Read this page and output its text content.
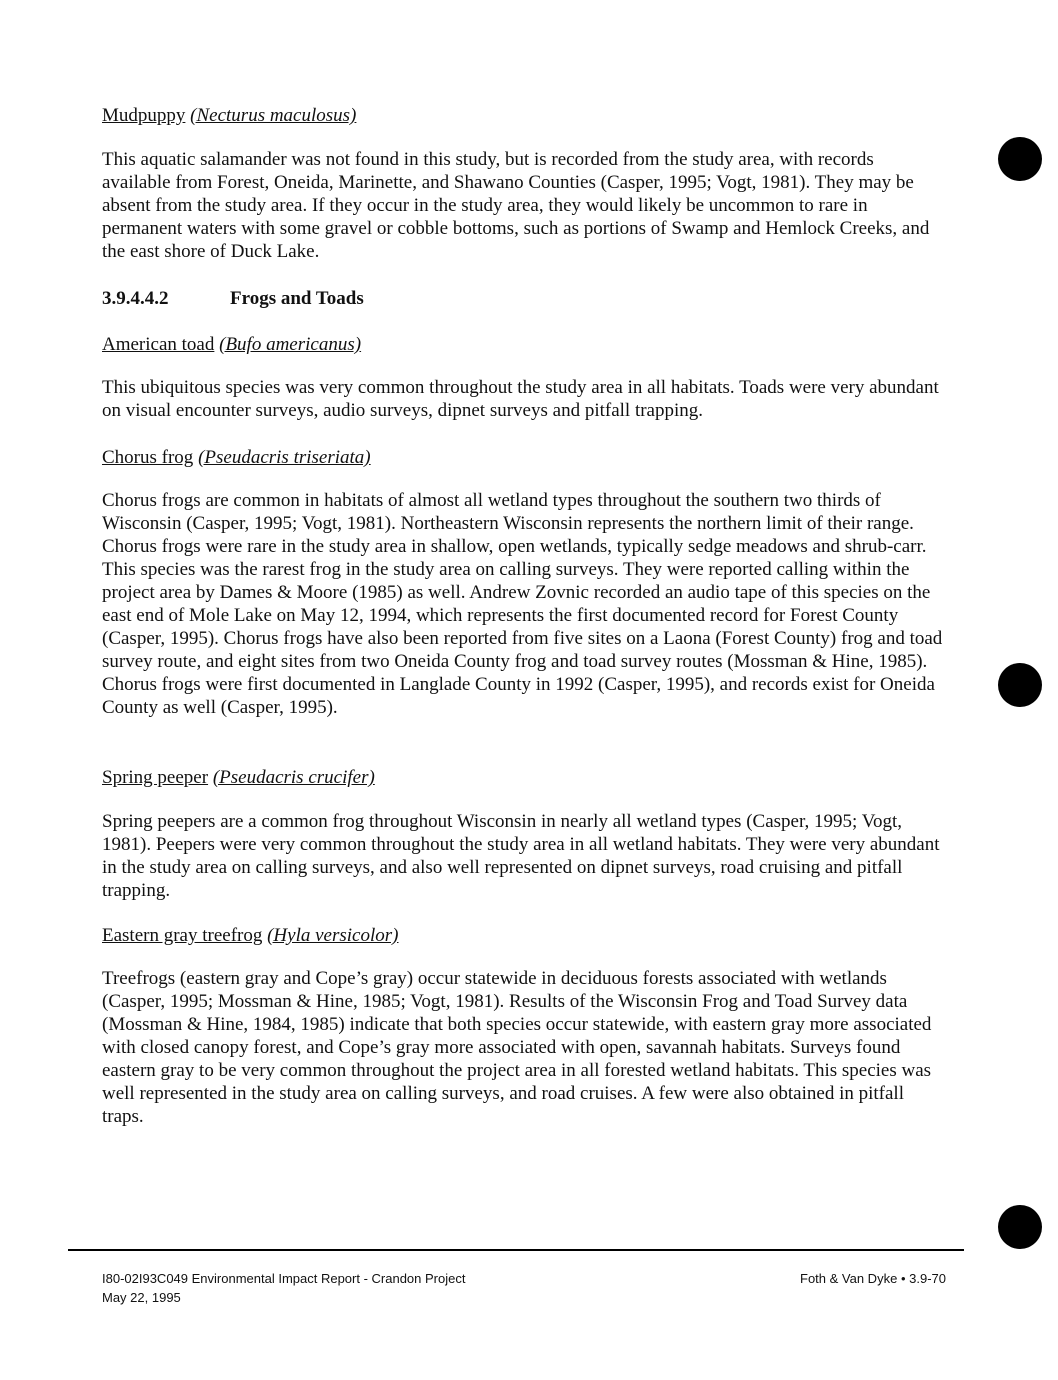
Mudpuppy (Necturus maculosus)
This aquatic salamander was not found in this study, but is recorded from the study area, with records available from Forest, Oneida, Marinette, and Shawano Counties (Casper, 1995; Vogt, 1981). They may be absent from the study area. If they occur in the study area, they would likely be uncommon to rare in permanent waters with some gravel or cobble bottoms, such as portions of Swamp and Hemlock Creeks, and the east shore of Duck Lake.
3.9.4.4.2	Frogs and Toads
American toad (Bufo americanus)
This ubiquitous species was very common throughout the study area in all habitats. Toads were very abundant on visual encounter surveys, audio surveys, dipnet surveys and pitfall trapping.
Chorus frog (Pseudacris triseriata)
Chorus frogs are common in habitats of almost all wetland types throughout the southern two thirds of Wisconsin (Casper, 1995; Vogt, 1981). Northeastern Wisconsin represents the northern limit of their range. Chorus frogs were rare in the study area in shallow, open wetlands, typically sedge meadows and shrub-carr. This species was the rarest frog in the study area on calling surveys. They were reported calling within the project area by Dames & Moore (1985) as well. Andrew Zovnic recorded an audio tape of this species on the east end of Mole Lake on May 12, 1994, which represents the first documented record for Forest County (Casper, 1995). Chorus frogs have also been reported from five sites on a Laona (Forest County) frog and toad survey route, and eight sites from two Oneida County frog and toad survey routes (Mossman & Hine, 1985). Chorus frogs were first documented in Langlade County in 1992 (Casper, 1995), and records exist for Oneida County as well (Casper, 1995).
Spring peeper (Pseudacris crucifer)
Spring peepers are a common frog throughout Wisconsin in nearly all wetland types (Casper, 1995; Vogt, 1981). Peepers were very common throughout the study area in all wetland habitats. They were very abundant in the study area on calling surveys, and also well represented on dipnet surveys, road cruising and pitfall trapping.
Eastern gray treefrog (Hyla versicolor)
Treefrogs (eastern gray and Cope’s gray) occur statewide in deciduous forests associated with wetlands (Casper, 1995; Mossman & Hine, 1985; Vogt, 1981). Results of the Wisconsin Frog and Toad Survey data (Mossman & Hine, 1984, 1985) indicate that both species occur statewide, with eastern gray more associated with closed canopy forest, and Cope’s gray more associated with open, savannah habitats. Surveys found eastern gray to be very common throughout the project area in all forested wetland habitats. This species was well represented in the study area on calling surveys, and road cruises. A few were also obtained in pitfall traps.
I80-02I93C049 Environmental Impact Report - Crandon Project
May 22, 1995
Foth & Van Dyke • 3.9-70
